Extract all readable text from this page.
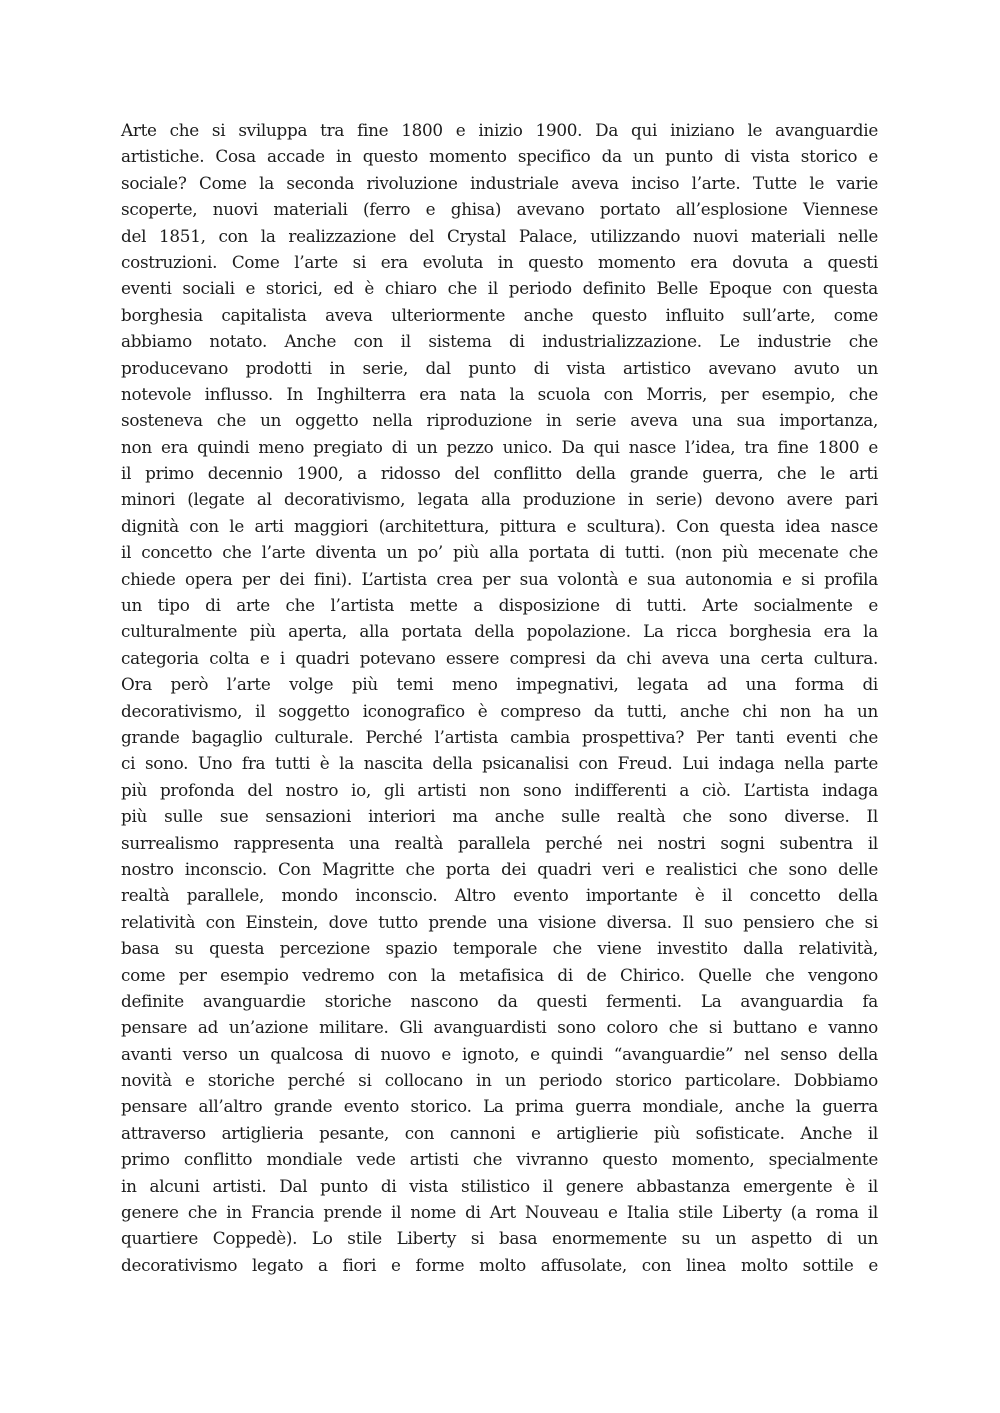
Arte che si sviluppa tra fine 1800 e inizio 1900. Da qui iniziano le avanguardie
artistiche. Cosa accade in questo momento specifico da un punto di vista storico e
sociale? Come la seconda rivoluzione industriale aveva inciso l’arte. Tutte le varie
scoperte, nuovi materiali (ferro e ghisa) avevano portato all’esplosione Viennese
del 1851, con la realizzazione del Crystal Palace, utilizzando nuovi materiali nelle
costruzioni. Come l’arte si era evoluta in questo momento era dovuta a questi
eventi sociali e storici, ed è chiaro che il periodo definito Belle Epoque con questa
borghesia capitalista aveva ulteriormente anche questo influito sull’arte, come
abbiamo notato. Anche con il sistema di industrializzazione. Le industrie che
producevano prodotti in serie, dal punto di vista artistico avevano avuto un
notevole influsso. In Inghilterra era nata la scuola con Morris, per esempio, che
sosteneva che un oggetto nella riproduzione in serie aveva una sua importanza,
non era quindi meno pregiato di un pezzo unico. Da qui nasce l’idea, tra fine 1800 e
il primo decennio 1900, a ridosso del conflitto della grande guerra, che le arti
minori (legate al decorativismo, legata alla produzione in serie) devono avere pari
dignità con le arti maggiori (architettura, pittura e scultura). Con questa idea nasce
il concetto che l’arte diventa un po’ più alla portata di tutti. (non più mecenate che
chiede opera per dei fini). L’artista crea per sua volontà e sua autonomia e si profila
un tipo di arte che l’artista mette a disposizione di tutti. Arte socialmente e
culturalmente più aperta, alla portata della popolazione. La ricca borghesia era la
categoria colta e i quadri potevano essere compresi da chi aveva una certa cultura.
Ora però l’arte volge più temi meno impegnativi, legata ad una forma di
decorativismo, il soggetto iconografico è compreso da tutti, anche chi non ha un
grande bagaglio culturale. Perché l’artista cambia prospettiva? Per tanti eventi che
ci sono. Uno fra tutti è la nascita della psicanalisi con Freud. Lui indaga nella parte
più profonda del nostro io, gli artisti non sono indifferenti a ciò. L’artista indaga
più sulle sue sensazioni interiori ma anche sulle realtà che sono diverse. Il
surrealismo rappresenta una realtà parallela perché nei nostri sogni subentra il
nostro inconscio. Con Magritte che porta dei quadri veri e realistici che sono delle
realtà parallele, mondo inconscio. Altro evento importante è il concetto della
relatività con Einstein, dove tutto prende una visione diversa. Il suo pensiero che si
basa su questa percezione spazio temporale che viene investito dalla relatività,
come per esempio vedremo con la metafisica di de Chirico. Quelle che vengono
definite avanguardie storiche nascono da questi fermenti. La avanguardia fa
pensare ad un’azione militare. Gli avanguardisti sono coloro che si buttano e vanno
avanti verso un qualcosa di nuovo e ignoto, e quindi “avanguardie” nel senso della
novità e storiche perché si collocano in un periodo storico particolare. Dobbiamo
pensare all’altro grande evento storico. La prima guerra mondiale, anche la guerra
attraverso artiglieria pesante, con cannoni e artiglierie più sofisticate. Anche il
primo conflitto mondiale vede artisti che vivranno questo momento, specialmente
in alcuni artisti. Dal punto di vista stilistico il genere abbastanza emergente è il
genere che in Francia prende il nome di Art Nouveau e Italia stile Liberty (a roma il
quartiere Coppedè). Lo stile Liberty si basa enormemente su un aspetto di un
decorativismo legato a fiori e forme molto affusolate, con linea molto sottile e
